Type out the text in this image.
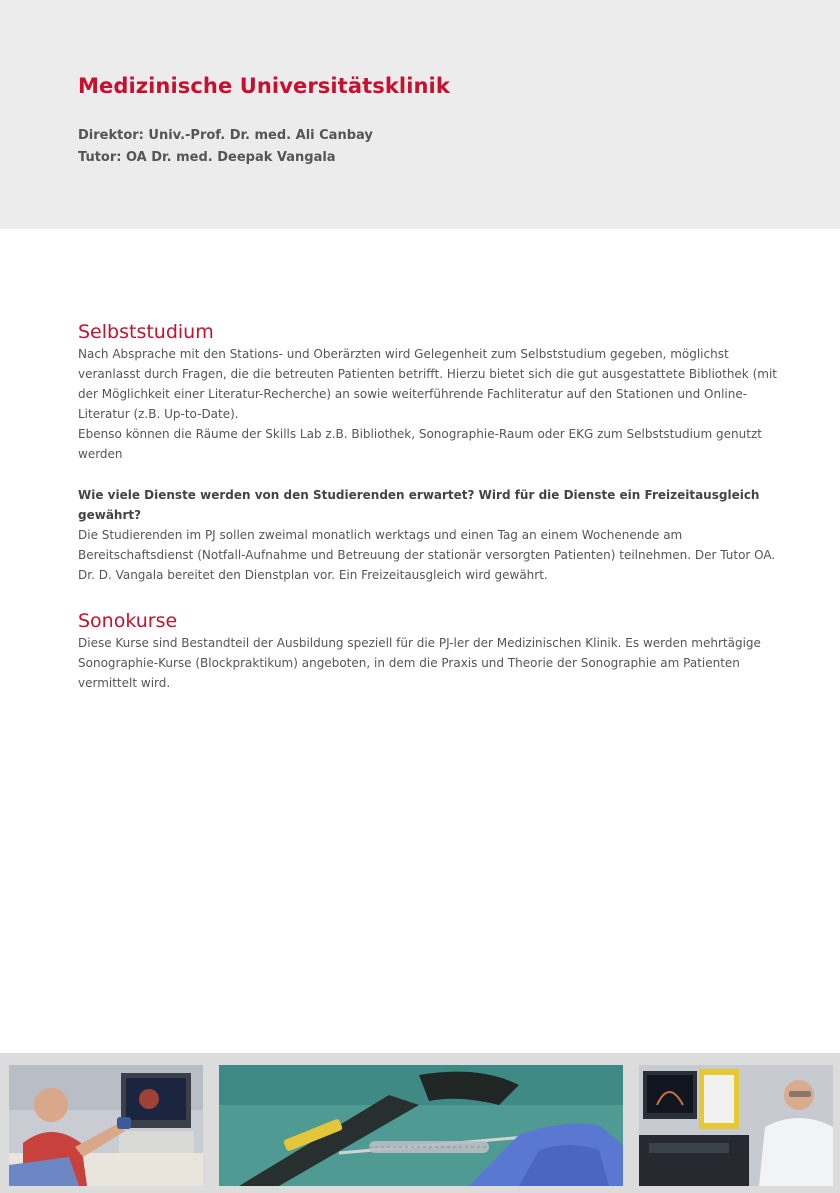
Medizinische Universitätsklinik
Direktor: Univ.-Prof. Dr. med. Ali Canbay
Tutor: OA Dr. med. Deepak Vangala
Selbststudium

Nach Absprache mit den Stations- und Oberärzten wird Gelegenheit zum Selbststudium gegeben, möglichst veranlasst durch Fragen, die die betreuten Patienten betrifft. Hierzu bietet sich die gut ausgestattete Bibliothek (mit der Möglichkeit einer Literatur-Recherche) an sowie weiterführende Fachliteratur auf den Stationen und Online-Literatur (z.B. Up-to-Date).

Ebenso können die Räume der Skills Lab z.B. Bibliothek, Sonographie-Raum oder EKG zum Selbststudium genutzt werden

Wie viele Dienste werden von den Studierenden erwartet? Wird für die Dienste ein Freizeitausgleich gewährt?

Die Studierenden im PJ sollen zweimal monatlich werktags und einen Tag an einem Wochenende am Bereitschaftsdienst (Notfall-Aufnahme und Betreuung der stationär versorgten Patienten) teilnehmen. Der Tutor OA. Dr. D. Vangala bereitet den Dienstplan vor. Ein Freizeitausgleich wird gewährt.

Sonokurse

Diese Kurse sind Bestandteil der Ausbildung speziell für die PJ-ler der Medizinischen Klinik. Es werden mehrtägige Sonographie-Kurse (Blockpraktikum) angeboten, in dem die Praxis und Theorie der Sonographie am Patienten vermittelt wird.
